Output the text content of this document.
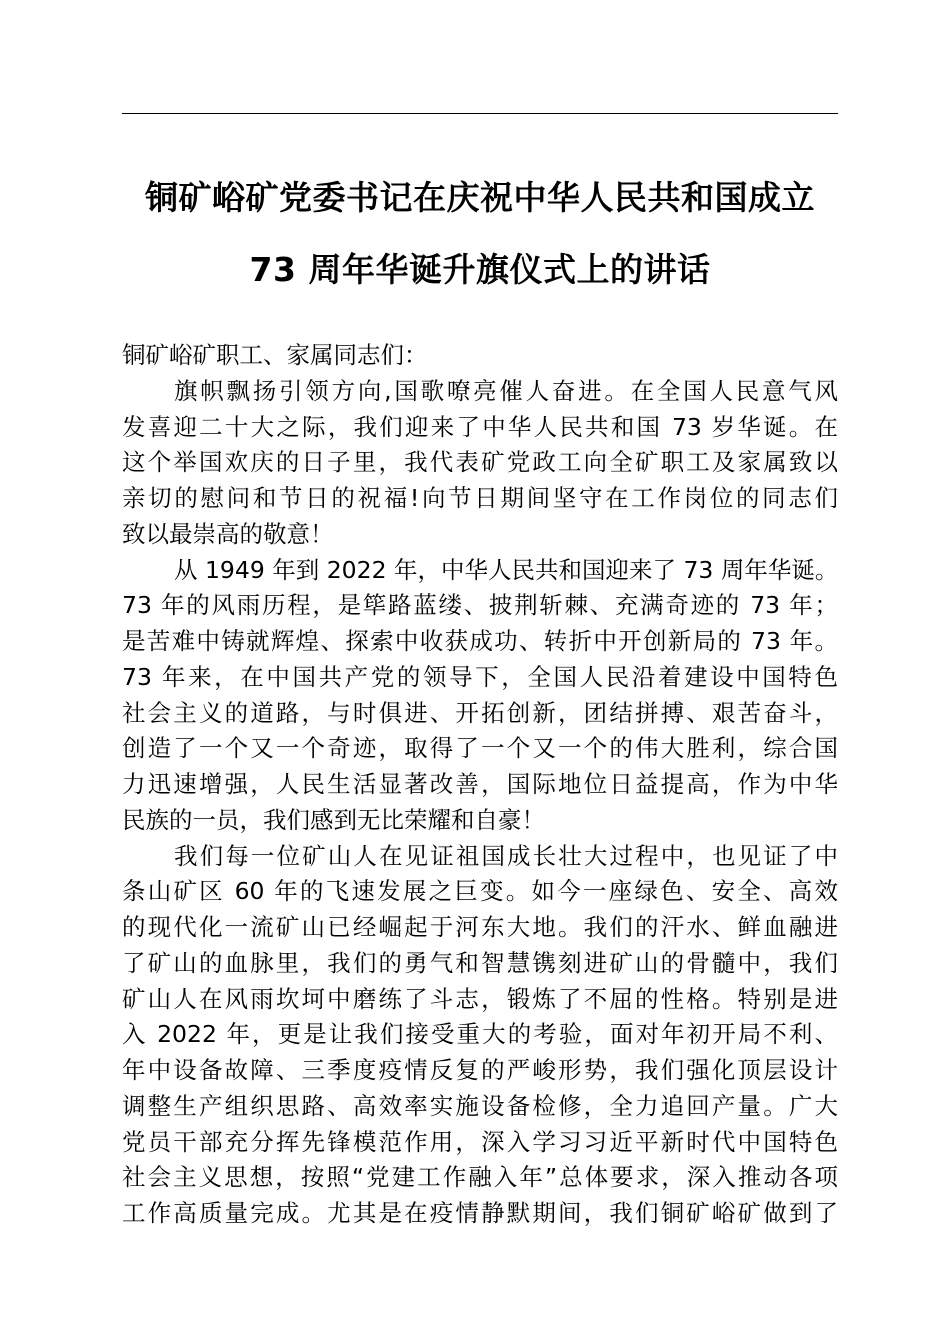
铜矿峪矿党委书记在庆祝中华人民共和国成立
73 周年华诞升旗仪式上的讲话
铜矿峪矿职工、家属同志们：
旗帜飘扬引领方向,国歌嘹亮催人奋进。在全国人民意气风
发喜迎二十大之际，我们迎来了中华人民共和国 73 岁华诞。在
这个举国欢庆的日子里，我代表矿党政工向全矿职工及家属致以
亲切的慰问和节日的祝福!向节日期间坚守在工作岗位的同志们
致以最崇高的敬意！
从 1949 年到 2022 年，中华人民共和国迎来了 73 周年华诞。
73 年的风雨历程，是筚路蓝缕、披荆斩棘、充满奇迹的 73 年；
是苦难中铸就辉煌、探索中收获成功、转折中开创新局的 73 年。
73 年来，在中国共产党的领导下，全国人民沿着建设中国特色
社会主义的道路，与时俱进、开拓创新，团结拼搏、艰苦奋斗，
创造了一个又一个奇迹，取得了一个又一个的伟大胜利，综合国
力迅速增强，人民生活显著改善，国际地位日益提高，作为中华
民族的一员，我们感到无比荣耀和自豪！
我们每一位矿山人在见证祖国成长壮大过程中，也见证了中
条山矿区 60 年的飞速发展之巨变。如今一座绿色、安全、高效
的现代化一流矿山已经崛起于河东大地。我们的汗水、鲜血融进
了矿山的血脉里，我们的勇气和智慧镌刻进矿山的骨髓中，我们
矿山人在风雨坎坷中磨练了斗志，锻炼了不屈的性格。特别是进
入 2022 年，更是让我们接受重大的考验，面对年初开局不利、
年中设备故障、三季度疫情反复的严峻形势，我们强化顶层设计
调整生产组织思路、高效率实施设备检修，全力追回产量。广大
党员干部充分挥先锋模范作用，深入学习习近平新时代中国特色
社会主义思想，按照“党建工作融入年”总体要求，深入推动各项
工作高质量完成。尤其是在疫情静默期间，我们铜矿峪矿做到了
